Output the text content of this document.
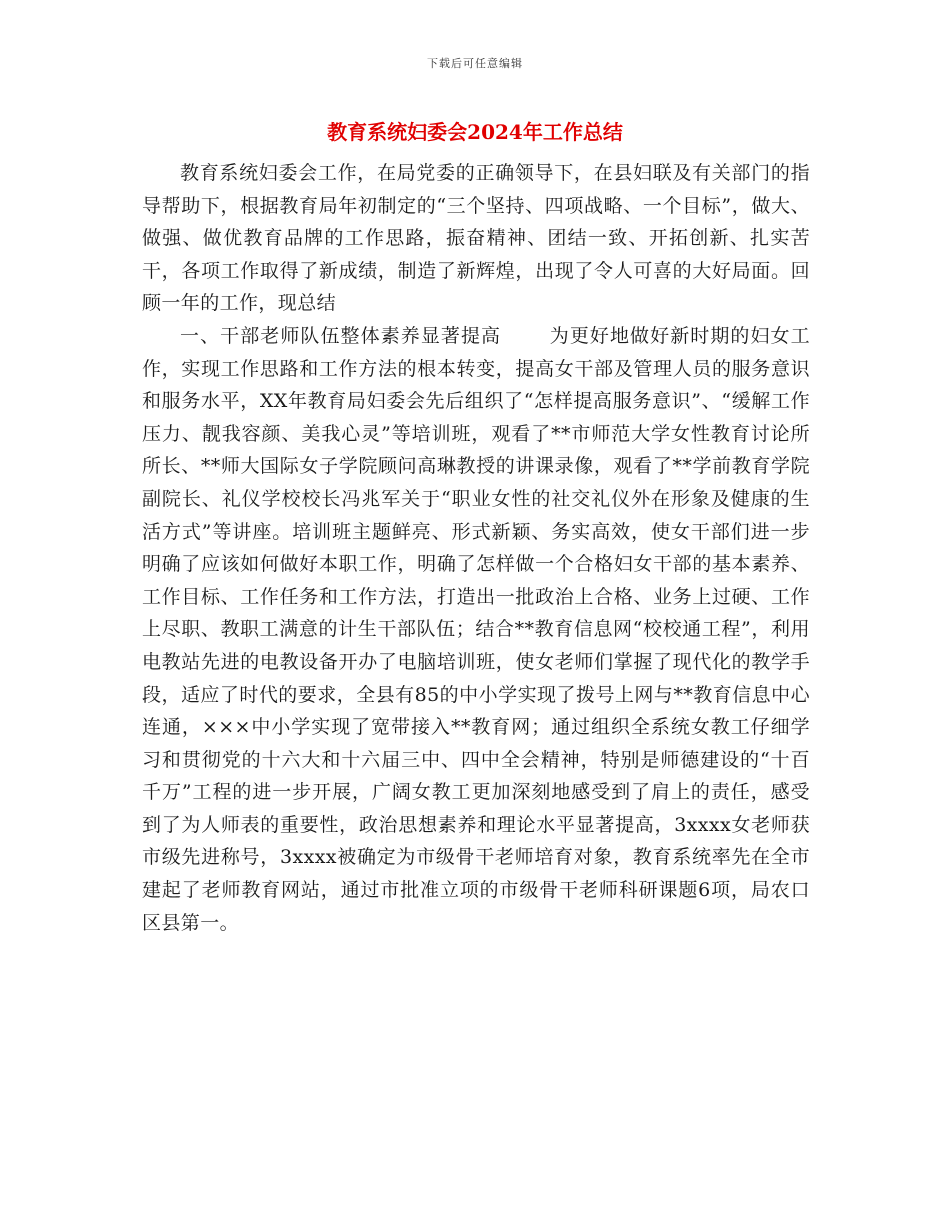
下载后可任意编辑
教育系统妇委会2024年工作总结

教育系统妇委会工作，在局党委的正确领导下，在县妇联及有关部门的指导帮助下，根据教育局年初制定的“三个坚持、四项战略、一个目标”，做大、做强、做优教育品牌的工作思路，振奋精神、团结一致、开拓创新、扎实苦干，各项工作取得了新成绩，制造了新辉煌，出现了令人可喜的大好局面。回顾一年的工作，现总结

一、干部老师队伍整体素养显著提高	为更好地做好新时期的妇女工作，实现工作思路和工作方法的根本转变，提高女干部及管理人员的服务意识和服务水平，XX年教育局妇委会先后组织了“怎样提高服务意识”、“缓解工作压力、靓我容颜、美我心灵”等培训班，观看了**市师范大学女性教育讨论所所长、**师大国际女子学院顾问高琳教授的讲课录像，观看了**学前教育学院副院长、礼仪学校校长冯兆军关于“职业女性的社交礼仪外在形象及健康的生活方式”等讲座。培训班主题鲜亮、形式新颖、务实高效，使女干部们进一步明确了应该如何做好本职工作，明确了怎样做一个合格妇女干部的基本素养、工作目标、工作任务和工作方法，打造出一批政治上合格、业务上过硬、工作上尽职、教职工满意的计生干部队伍；结合**教育信息网“校校通工程”，利用电教站先进的电教设备开办了电脑培训班，使女老师们掌握了现代化的教学手段，适应了时代的要求，全县有85的中小学实现了拨号上网与**教育信息中心连通，×××中小学实现了宽带接入**教育网；通过组织全系统女教工仔细学习和贯彻党的十六大和十六届三中、四中全会精神，特别是师德建设的“十百千万”工程的进一步开展，广阔女教工更加深刻地感受到了肩上的责任，感受到了为人师表的重要性，政治思想素养和理论水平显著提高，3xxxx女老师获市级先进称号，3xxxx被确定为市级骨干老师培育对象，教育系统率先在全市建起了老师教育网站，通过市批准立项的市级骨干老师科研课题6项，局农口区县第一。
